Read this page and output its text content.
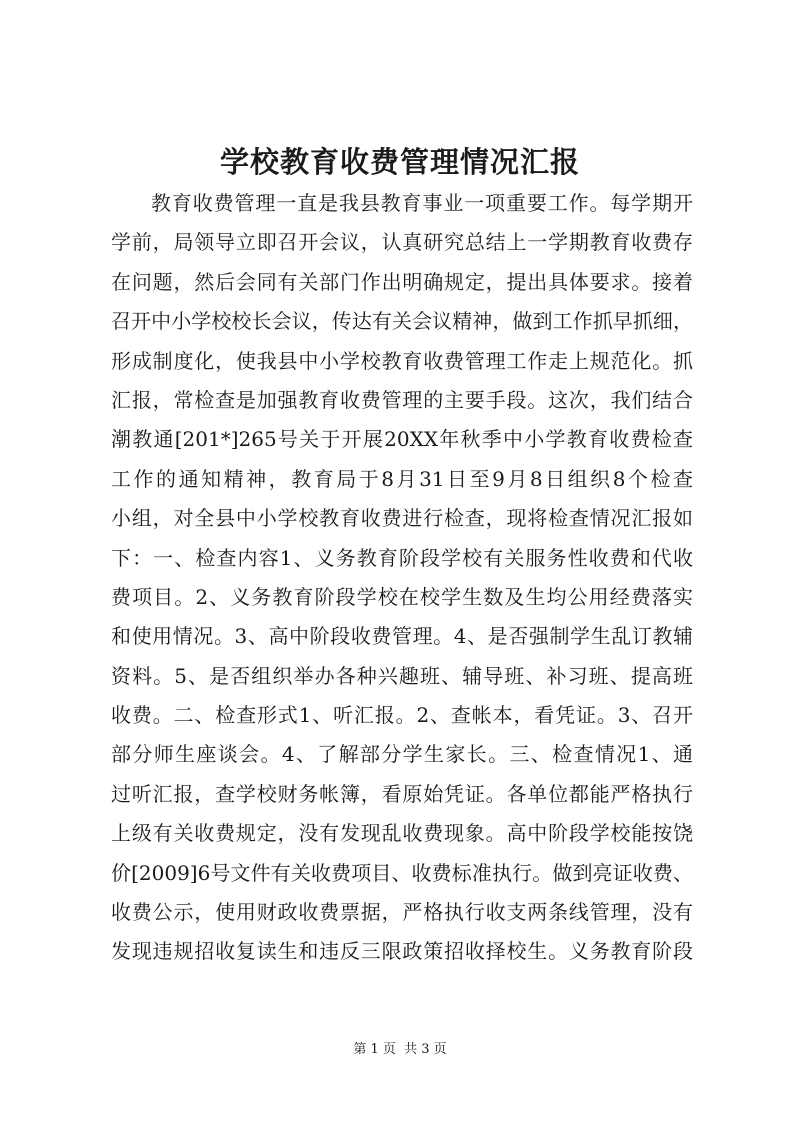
学校教育收费管理情况汇报
教育收费管理一直是我县教育事业一项重要工作。每学期开
学前，局领导立即召开会议，认真研究总结上一学期教育收费存
在问题，然后会同有关部门作出明确规定，提出具体要求。接着
召开中小学校校长会议，传达有关会议精神，做到工作抓早抓细，
形成制度化，使我县中小学校教育收费管理工作走上规范化。抓
汇报，常检查是加强教育收费管理的主要手段。这次，我们结合
潮教通[201*]265号关于开展20XX年秋季中小学教育收费检查
工作的通知精神，教育局于8月31日至9月8日组织8个检查
小组，对全县中小学校教育收费进行检查，现将检查情况汇报如
下：一、检查内容1、义务教育阶段学校有关服务性收费和代收
费项目。2、义务教育阶段学校在校学生数及生均公用经费落实
和使用情况。3、高中阶段收费管理。4、是否强制学生乱订教辅
资料。5、是否组织举办各种兴趣班、辅导班、补习班、提高班
收费。二、检查形式1、听汇报。2、查帐本，看凭证。3、召开
部分师生座谈会。4、了解部分学生家长。三、检查情况1、通
过听汇报，查学校财务帐簿，看原始凭证。各单位都能严格执行
上级有关收费规定，没有发现乱收费现象。高中阶段学校能按饶
价[2009]6号文件有关收费项目、收费标准执行。做到亮证收费、
收费公示，使用财政收费票据，严格执行收支两条线管理，没有
发现违规招收复读生和违反三限政策招收择校生。义务教育阶段
第 1 页  共 3 页
